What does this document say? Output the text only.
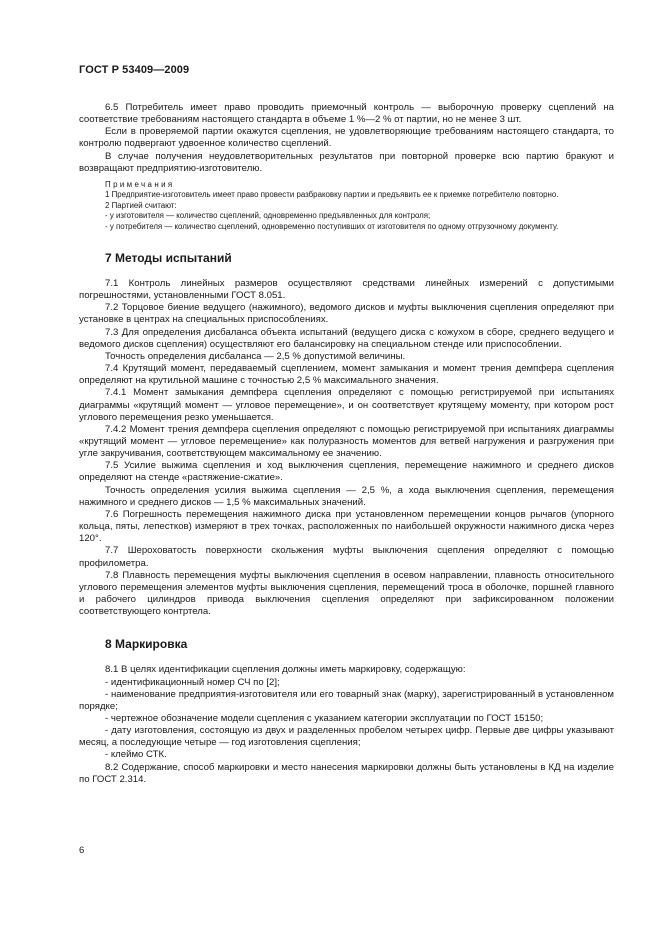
ГОСТ Р 53409—2009

6.5 Потребитель имеет право проводить приемочный контроль — выборочную проверку сцеплений на соответствие требованиям настоящего стандарта в объеме 1 %—2 % от партии, но не менее 3 шт.

Если в проверяемой партии окажутся сцепления, не удовлетворяющие требованиям настоящего стандарта, то контролю подвергают удвоенное количество сцеплений.

В случае получения неудовлетворительных результатов при повторной проверке всю партию бракуют и возвращают предприятию-изготовителю.

Примечания

1 Предприятие-изготовитель имеет право провести разбраковку партии и предъявить ее к приемке потребителю повторно.

2 Партией считают:

- у изготовителя — количество сцеплений, одновременно предъявленных для контроля;

- у потребителя — количество сцеплений, одновременно поступивших от изготовителя по одному отгрузочному документу.

7 Методы испытаний

7.1 Контроль линейных размеров осуществляют средствами линейных измерений с допустимыми погрешностями, установленными ГОСТ 8.051.

7.2 Торцовое биение ведущего (нажимного), ведомого дисков и муфты выключения сцепления определяют при установке в центрах на специальных приспособлениях.

7.3 Для определения дисбаланса объекта испытаний (ведущего диска с кожухом в сборе, среднего ведущего и ведомого дисков сцепления) осуществляют его балансировку на специальном стенде или приспособлении.

Точность определения дисбаланса — 2,5 % допустимой величины.

7.4 Крутящий момент, передаваемый сцеплением, момент замыкания и момент трения демпфера сцепления определяют на крутильной машине с точностью 2,5 % максимального значения.

7.4.1 Момент замыкания демпфера сцепления определяют с помощью регистрируемой при испытаниях диаграммы «крутящий момент — угловое перемещение», и он соответствует крутящему моменту, при котором рост углового перемещения резко уменьшается.

7.4.2 Момент трения демпфера сцепления определяют с помощью регистрируемой при испытаниях диаграммы «крутящий момент — угловое перемещение» как полуразность моментов для ветвей нагружения и разгружения при угле закручивания, соответствующем максимальному ее значению.

7.5 Усилие выжима сцепления и ход выключения сцепления, перемещение нажимного и среднего дисков определяют на стенде «растяжение-сжатие».

Точность определения усилия выжима сцепления — 2,5 %, а хода выключения сцепления, перемещения нажимного и среднего дисков — 1,5 % максимальных значений.

7.6 Погрешность перемещения нажимного диска при установленном перемещении концов рычагов (упорного кольца, пяты, лепестков) измеряют в трех точках, расположенных по наибольшей окружности нажимного диска через 120°.

7.7 Шероховатость поверхности скольжения муфты выключения сцепления определяют с помощью профилометра.

7.8 Плавность перемещения муфты выключения сцепления в осевом направлении, плавность относительного углового перемещения элементов муфты выключения сцепления, перемещений троса в оболочке, поршней главного и рабочего цилиндров привода выключения сцепления определяют при зафиксированном положении соответствующего контртела.

8 Маркировка

8.1 В целях идентификации сцепления должны иметь маркировку, содержащую:

- идентификационный номер СЧ по [2];

- наименование предприятия-изготовителя или его товарный знак (марку), зарегистрированный в установленном порядке;

- чертежное обозначение модели сцепления с указанием категории эксплуатации по ГОСТ 15150;

- дату изготовления, состоящую из двух и разделенных пробелом четырех цифр. Первые две цифры указывают месяц, а последующие четыре — год изготовления сцепления;

- клеймо СТК.

8.2 Содержание, способ маркировки и место нанесения маркировки должны быть установлены в КД на изделие по ГОСТ 2.314.

6
